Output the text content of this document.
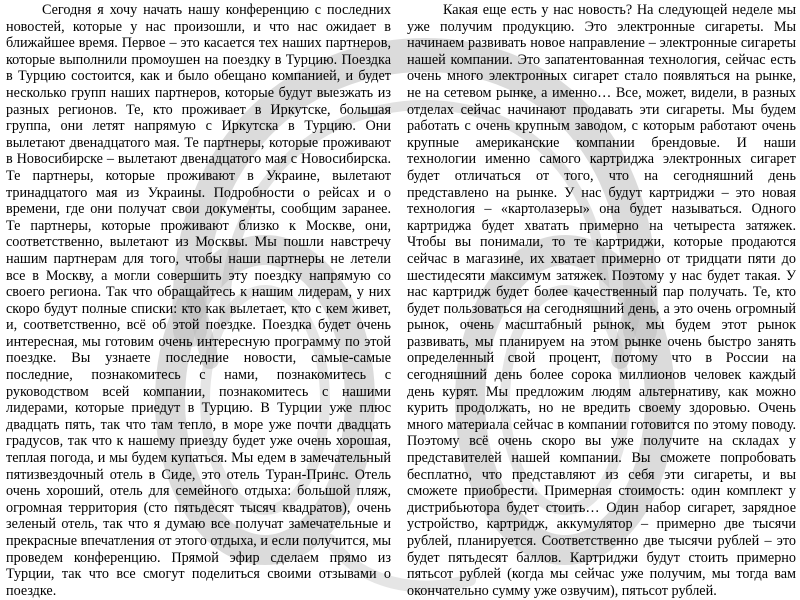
Сегодня я хочу начать нашу конференцию с последних новостей, которые у нас произошли, и что нас ожидает в ближайшее время. Первое – это касается тех наших партнеров, которые выполнили промоушен на поездку в Турцию. Поездка в Турцию состоится, как и было обещано компанией, и будет несколько групп наших партнеров, которые будут выезжать из разных регионов. Те, кто проживает в Иркутске, большая группа, они летят напрямую с Иркутска в Турцию. Они вылетают двенадцатого мая. Те партнеры, которые проживают в Новосибирске – вылетают двенадцатого мая с Новосибирска. Те партнеры, которые проживают в Украине, вылетают тринадцатого мая из Украины. Подробности о рейсах и о времени, где они получат свои документы, сообщим заранее. Те партнеры, которые проживают близко к Москве, они, соответственно, вылетают из Москвы. Мы пошли навстречу нашим партнерам для того, чтобы наши партнеры не летели все в Москву, а могли совершить эту поездку напрямую со своего региона. Так что обращайтесь к нашим лидерам, у них скоро будут полные списки: кто как вылетает, кто с кем живет, и, соответственно, всё об этой поездке. Поездка будет очень интересная, мы готовим очень интересную программу по этой поездке. Вы узнаете последние новости, самые-самые последние, познакомитесь с нами, познакомитесь с руководством всей компании, познакомитесь с нашими лидерами, которые приедут в Турцию. В Турции уже плюс двадцать пять, так что там тепло, в море уже почти двадцать градусов, так что к нашему приезду будет уже очень хорошая, теплая погода, и мы будем купаться. Мы едем в замечательный пятизвездочный отель в Сиде, это отель Туран-Принс. Отель очень хороший, отель для семейного отдыха: большой пляж, огромная территория (сто пятьдесят тысяч квадратов), очень зеленый отель, так что я думаю все получат замечательные и прекрасные впечатления от этого отдыха, и если получится, мы проведем конференцию. Прямой эфир сделаем прямо из Турции, так что все смогут поделиться своими отзывами о поездке.

Какая еще есть у нас новость? На следующей неделе мы уже получим продукцию. Это электронные сигареты. Мы начинаем развивать новое направление – электронные сигареты нашей компании. Это запатентованная технология, сейчас есть очень много электронных сигарет стало появляться на рынке, не на сетевом рынке, а именно… Все, может, видели, в разных отделах сейчас начинают продавать эти сигареты. Мы будем работать с очень крупным заводом, с которым работают очень крупные американские компании брендовые. И наши технологии именно самого картриджа электронных сигарет будет отличаться от того, что на сегодняшний день представлено на рынке. У нас будут картриджи – это новая технология – «картолазеры» она будет называться. Одного картриджа будет хватать примерно на четыреста затяжек. Чтобы вы понимали, то те картриджи, которые продаются сейчас в магазине, их хватает примерно от тридцати пяти до шестидесяти максимум затяжек. Поэтому у нас будет такая. У нас картридж будет более качественный пар получать. Те, кто будет пользоваться на сегодняшний день, а это очень огромный рынок, очень масштабный рынок, мы будем этот рынок развивать, мы планируем на этом рынке очень быстро занять определенный свой процент, потому что в России на сегодняшний день более сорока миллионов человек каждый день курят. Мы предложим людям альтернативу, как можно курить продолжать, но не вредить своему здоровью. Очень много материала сейчас в компании готовится по этому поводу. Поэтому всё очень скоро вы уже получите на складах у представителей нашей компании. Вы сможете попробовать бесплатно, что представляют из себя эти сигареты, и вы сможете приобрести. Примерная стоимость: один комплект у дистрибьютора будет стоить… Один набор сигарет, зарядное устройство, картридж, аккумулятор – примерно две тысячи рублей, планируется. Соответственно две тысячи рублей – это будет пятьдесят баллов. Картриджи будут стоить примерно пятьсот рублей (когда мы сейчас уже получим, мы тогда вам окончательно сумму уже озвучим), пятьсот рублей.
